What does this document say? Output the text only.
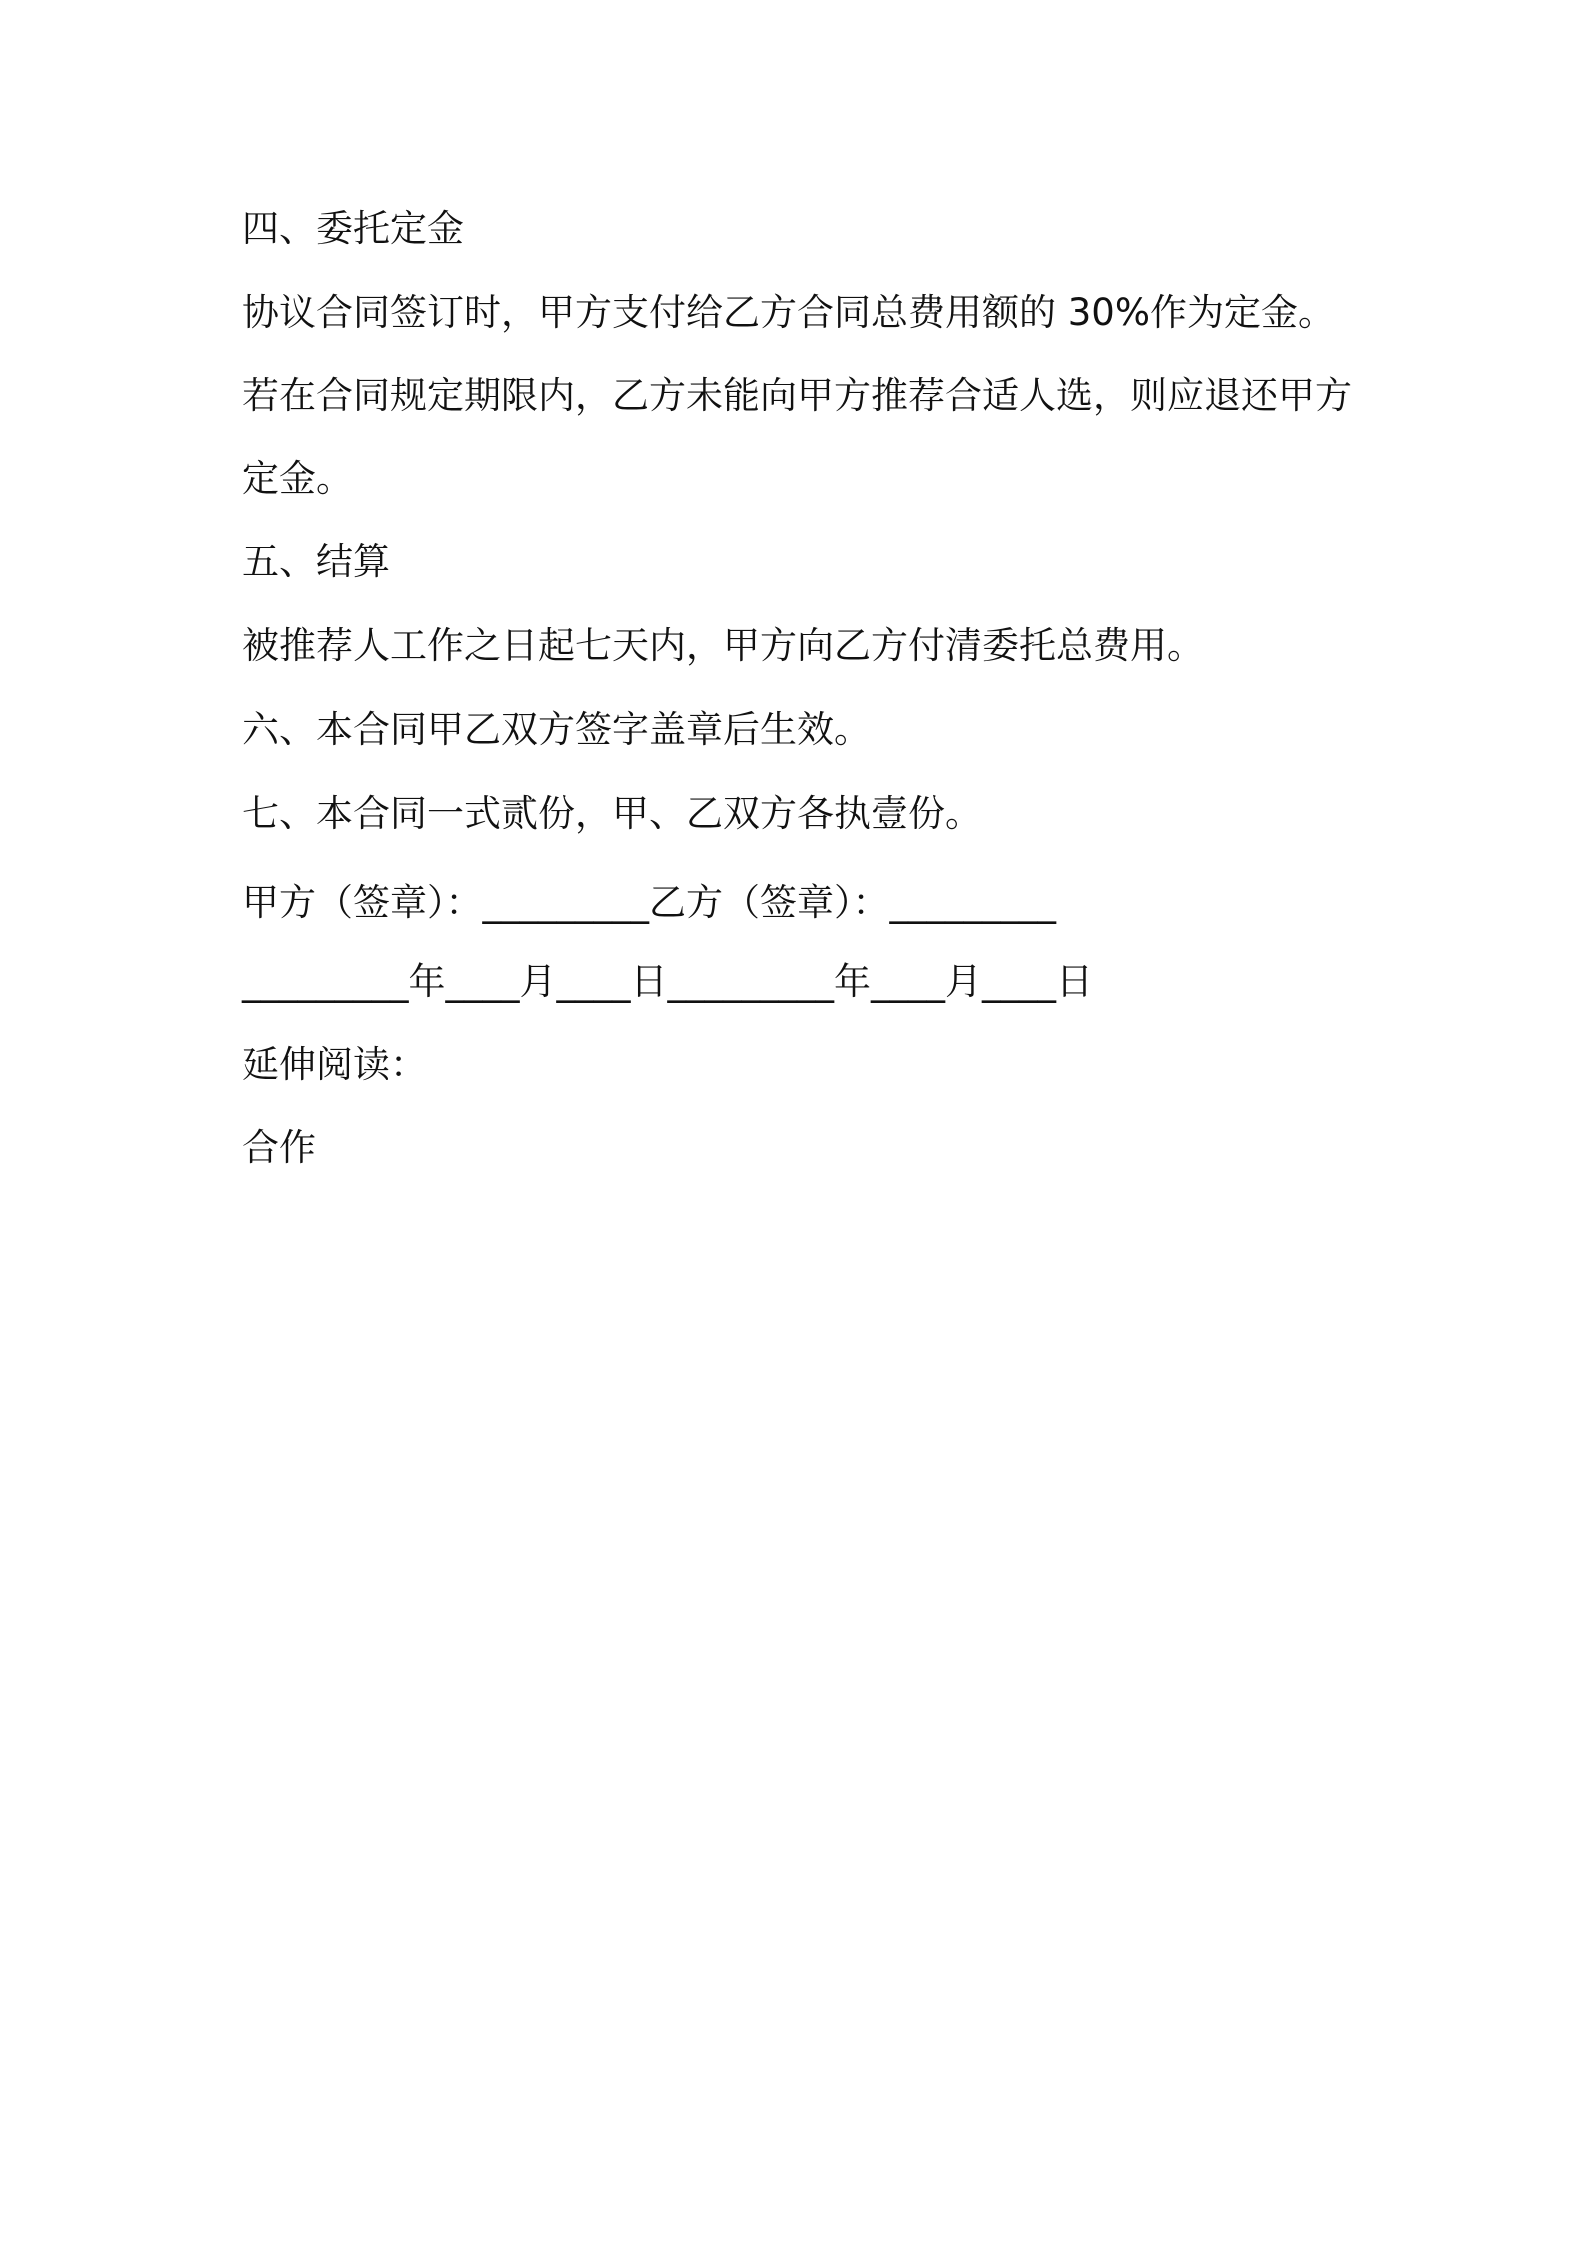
四、委托定金
协议合同签订时，甲方支付给乙方合同总费用额的 30%作为定金。
若在合同规定期限内，乙方未能向甲方推荐合适人选，则应退还甲方
定金。
五、结算
被推荐人工作之日起七天内，甲方向乙方付清委托总费用。
六、本合同甲乙双方签字盖章后生效。
七、本合同一式贰份，甲、乙双方各执壹份。
甲方（签章）：_________乙方（签章）：_________
_________年____月____日_________年____月____日
延伸阅读：
合作
